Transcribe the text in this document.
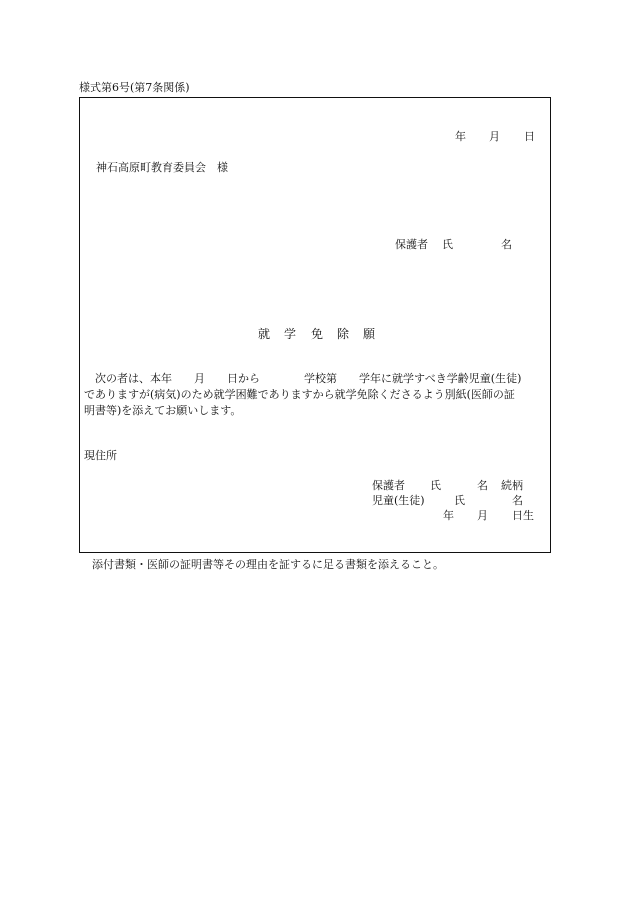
様式第6号(第7条関係)
年 月 日
神石高原町教育委員会　様
保護者 氏	名
就 学 免 除 願
　次の者は、本年　　月　　日から　　　　学校第　　学年に就学すべき学齢児童(生徒)
でありますが(病気)のため就学困難でありますから就学免除くださるよう別紙(医師の証
明書等)を添えてお願いします。
現住所
保護者 氏	名 続柄
児童(生徒)	氏	名
年 月 日生
添付書類・医師の証明書等その理由を証するに足る書類を添えること。
